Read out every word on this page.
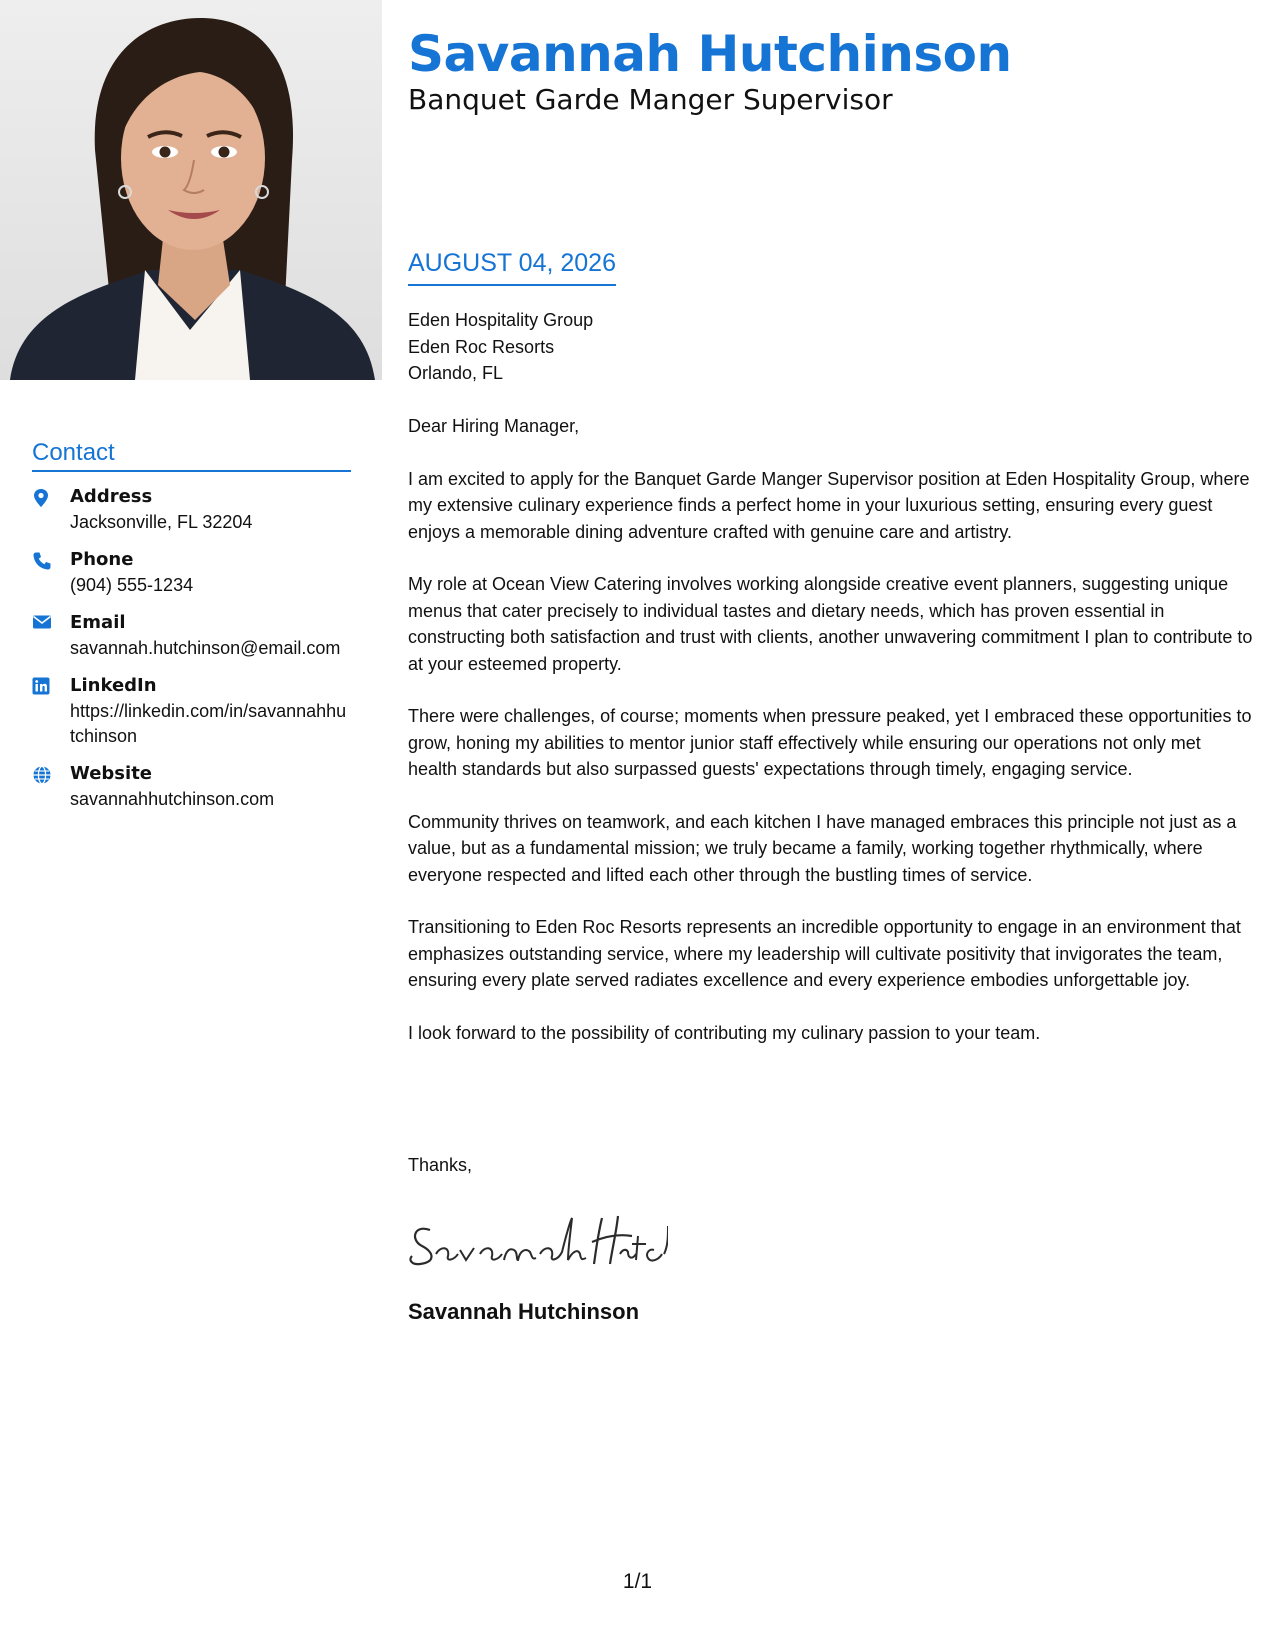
Savannah Hutchinson
Banquet Garde Manger Supervisor
AUGUST 04, 2026
Eden Hospitality Group
Eden Roc Resorts
Orlando, FL

Dear Hiring Manager,

I am excited to apply for the Banquet Garde Manger Supervisor position at Eden Hospitality Group, where my extensive culinary experience finds a perfect home in your luxurious setting, ensuring every guest enjoys a memorable dining adventure crafted with genuine care and artistry.

My role at Ocean View Catering involves working alongside creative event planners, suggesting unique menus that cater precisely to individual tastes and dietary needs, which has proven essential in constructing both satisfaction and trust with clients, another unwavering commitment I plan to contribute to at your esteemed property.

There were challenges, of course; moments when pressure peaked, yet I embraced these opportunities to grow, honing my abilities to mentor junior staff effectively while ensuring our operations not only met health standards but also surpassed guests' expectations through timely, engaging service.

Community thrives on teamwork, and each kitchen I have managed embraces this principle not just as a value, but as a fundamental mission; we truly became a family, working together rhythmically, where everyone respected and lifted each other through the bustling times of service.

Transitioning to Eden Roc Resorts represents an incredible opportunity to engage in an environment that emphasizes outstanding service, where my leadership will cultivate positivity that invigorates the team, ensuring every plate served radiates excellence and every experience embodies unforgettable joy.

I look forward to the possibility of contributing my culinary passion to your team.

Thanks,
Savannah Hutchinson
Contact
Address
Jacksonville, FL 32204
Phone
(904) 555-1234
Email
savannah.hutchinson@email.com
LinkedIn
https://linkedin.com/in/savannahhutchinson
Website
savannahhutchinson.com
1/1
